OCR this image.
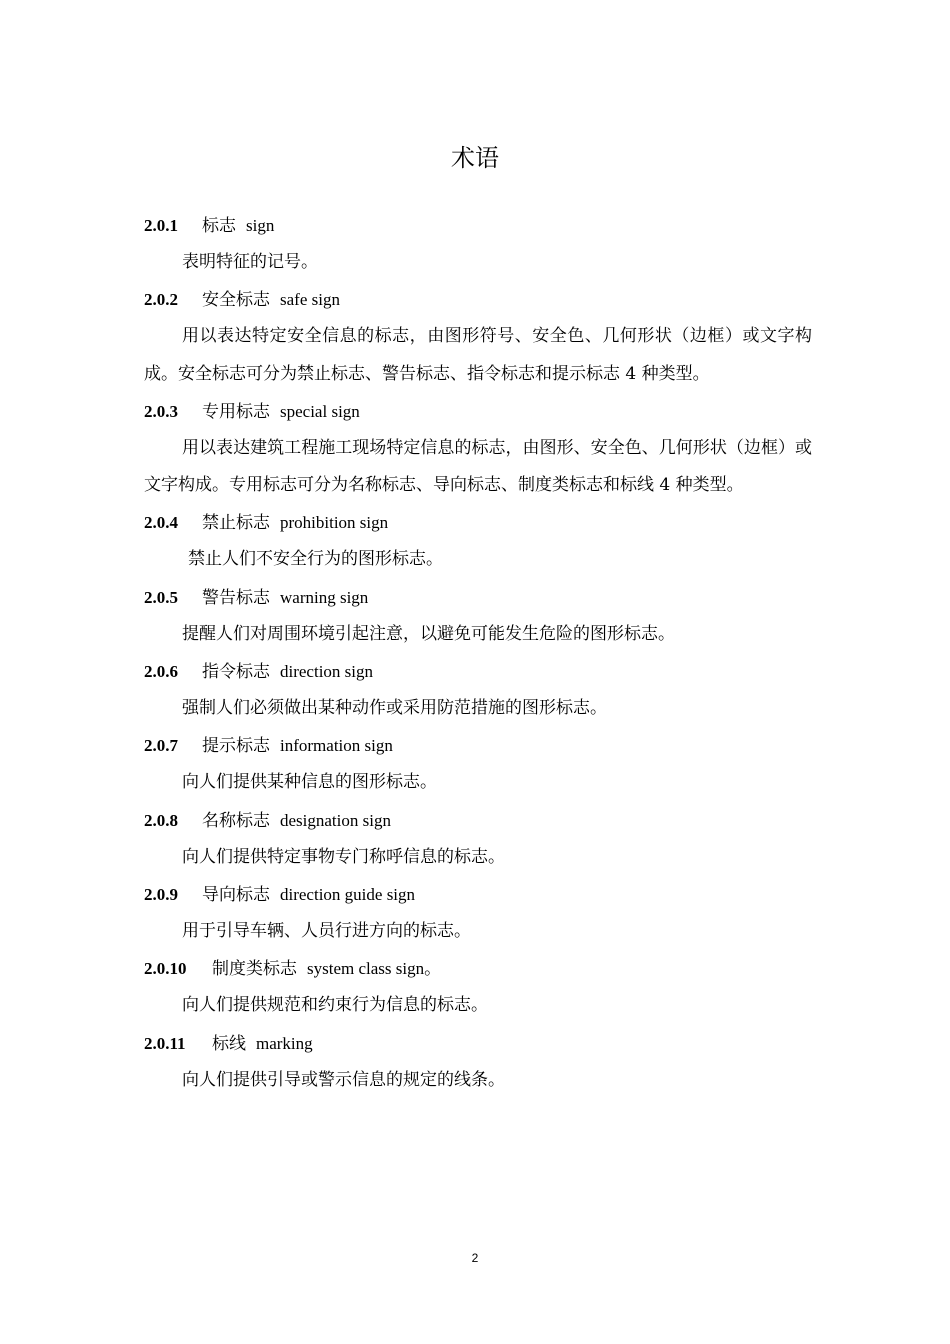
术语
2.0.1 标志 sign
表明特征的记号。
2.0.2 安全标志 safe sign
用以表达特定安全信息的标志，由图形符号、安全色、几何形状（边框）或文字构成。安全标志可分为禁止标志、警告标志、指令标志和提示标志 4 种类型。
2.0.3 专用标志 special sign
用以表达建筑工程施工现场特定信息的标志，由图形、安全色、几何形状（边框）或文字构成。专用标志可分为名称标志、导向标志、制度类标志和标线 4 种类型。
2.0.4 禁止标志 prohibition sign
禁止人们不安全行为的图形标志。
2.0.5 警告标志 warning sign
提醒人们对周围环境引起注意，以避免可能发生危险的图形标志。
2.0.6 指令标志 direction sign
强制人们必须做出某种动作或采用防范措施的图形标志。
2.0.7 提示标志 information sign
向人们提供某种信息的图形标志。
2.0.8 名称标志 designation sign
向人们提供特定事物专门称呼信息的标志。
2.0.9 导向标志 direction guide sign
用于引导车辆、人员行进方向的标志。
2.0.10 制度类标志 system class sign。
向人们提供规范和约束行为信息的标志。
2.0.11 标线 marking
向人们提供引导或警示信息的规定的线条。
2
